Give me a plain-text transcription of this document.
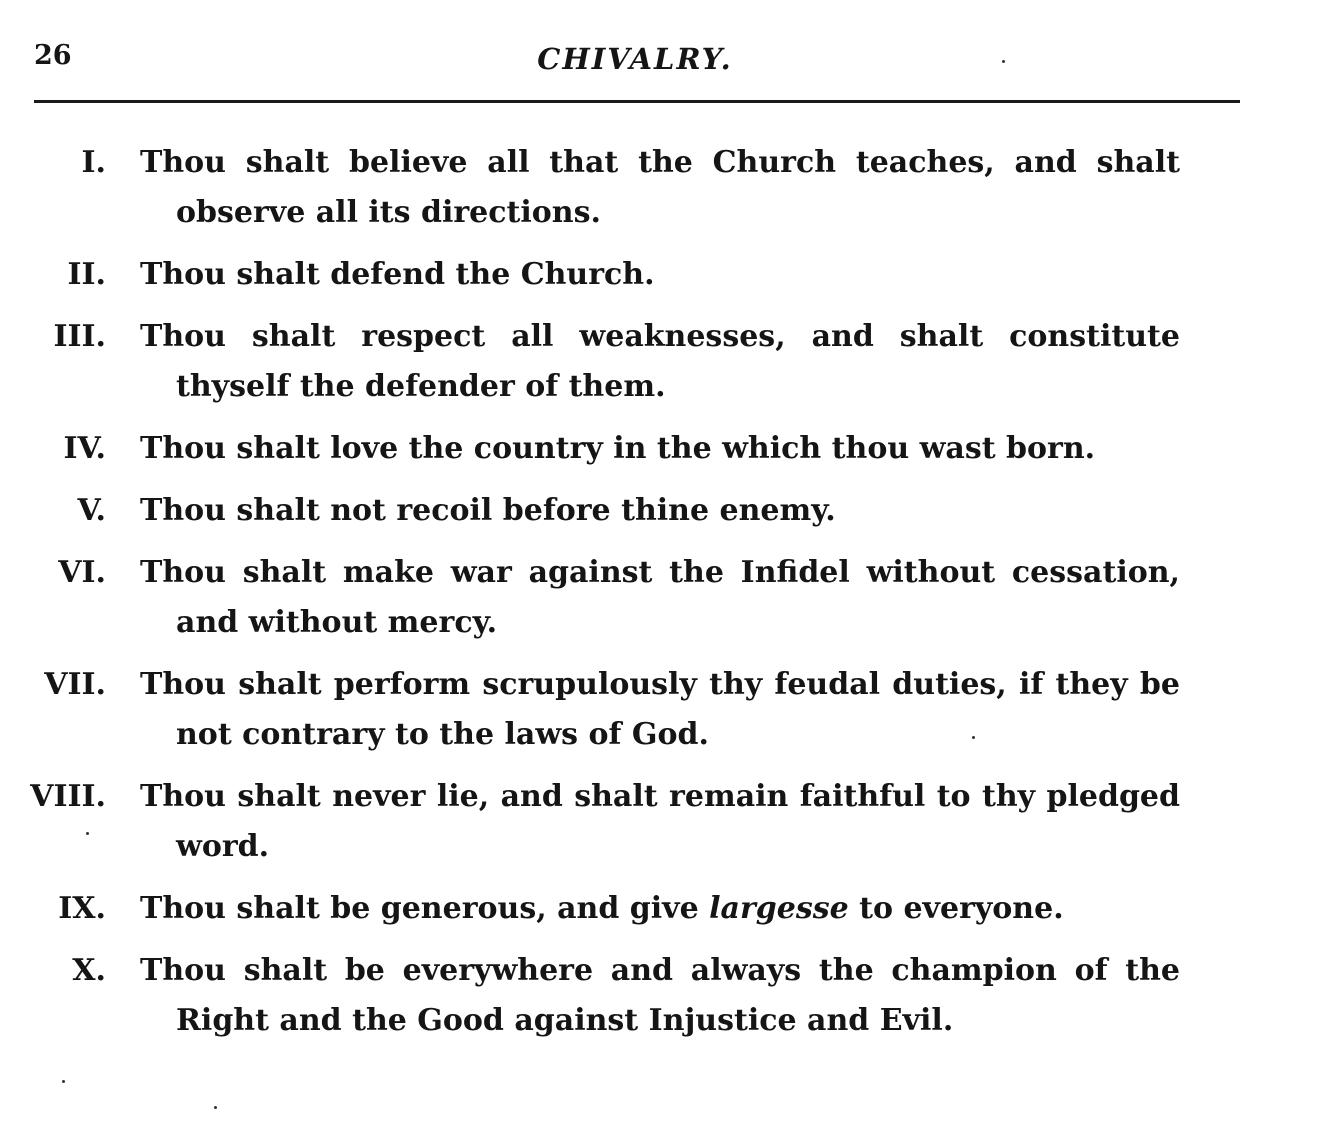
26	CHIVALRY.
I.	Thou shalt believe all that the Church teaches, and shalt observe all its directions.
II.	Thou shalt defend the Church.
III.	Thou shalt respect all weaknesses, and shalt constitute thyself the defender of them.
IV.	Thou shalt love the country in the which thou wast born.
V.	Thou shalt not recoil before thine enemy.
VI.	Thou shalt make war against the Infidel without cessation, and without mercy.
VII.	Thou shalt perform scrupulously thy feudal duties, if they be not contrary to the laws of God.
VIII.	Thou shalt never lie, and shalt remain faithful to thy pledged word.
IX.	Thou shalt be generous, and give largesse to everyone.
X.	Thou shalt be everywhere and always the champion of the Right and the Good against Injustice and Evil.
